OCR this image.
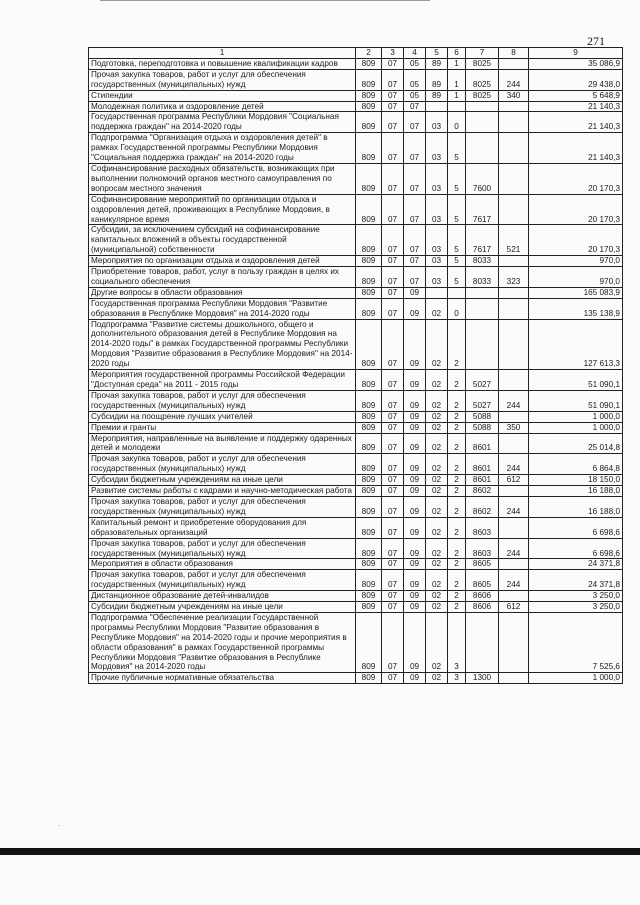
271
1	2	3	4	5	6	7	8	9
Подготовка, переподготовка и повышение квалификации кадров	809	07	05	89	1	8025		35 086,9
Прочая закупка товаров, работ и услуг для обеспечения государственных (муниципальных) нужд	809	07	05	89	1	8025	244	29 438,0
Стипендии	809	07	05	89	1	8025	340	5 648,9
Молодежная политика и оздоровление детей	809	07	07					21 140,3
Государственная программа Республики Мордовия "Социальная поддержка граждан" на 2014-2020 годы	809	07	07	03	0			21 140,3
Подпрограмма "Организация отдыха и оздоровления детей" в рамках Государственной программы Республики Мордовия "Социальная поддержка граждан" на 2014-2020 годы	809	07	07	03	5			21 140,3
Софинансирование расходных обязательств, возникающих при выполнении полномочий органов местного самоуправления по вопросам местного значения	809	07	07	03	5	7600		20 170,3
Софинансирование мероприятий по организации отдыха и оздоровления детей, проживающих в Республике Мордовия, в каникулярное время	809	07	07	03	5	7617		20 170,3
Субсидии, за исключением субсидий на софинансирование капитальных вложений в объекты государственной (муниципальной) собственности	809	07	07	03	5	7617	521	20 170,3
Мероприятия по организации отдыха и оздоровления детей	809	07	07	03	5	8033		970,0
Приобретение товаров, работ, услуг в пользу граждан в целях их социального обеспечения	809	07	07	03	5	8033	323	970,0
Другие вопросы в области образования	809	07	09					165 083,9
Государственная программа Республики Мордовия "Развитие образования в Республике Мордовия" на 2014-2020 годы	809	07	09	02	0			135 138,9
Подпрограмма "Развитие системы дошкольного, общего и дополнительного образования детей в Республике Мордовия на 2014-2020 годы" в рамках Государственной программы Республики Мордовия "Развитие образования в Республике Мордовия" на 2014-2020 годы	809	07	09	02	2			127 613,3
Мероприятия государственной программы Российской Федерации "Доступная среда" на 2011 - 2015 годы	809	07	09	02	2	5027		51 090,1
Прочая закупка товаров, работ и услуг для обеспечения государственных (муниципальных) нужд	809	07	09	02	2	5027	244	51 090,1
Субсидии на поощрение лучших учителей	809	07	09	02	2	5088		1 000,0
Премии и гранты	809	07	09	02	2	5088	350	1 000,0
Мероприятия, направленные на выявление и поддержку одаренных детей и молодежи	809	07	09	02	2	8601		25 014,8
Прочая закупка товаров, работ и услуг для обеспечения государственных (муниципальных) нужд	809	07	09	02	2	8601	244	6 864,8
Субсидии бюджетным учреждениям на иные цели	809	07	09	02	2	8601	612	18 150,0
Развитие системы работы с кадрами и научно-методическая работа	809	07	09	02	2	8602		16 188,0
Прочая закупка товаров, работ и услуг для обеспечения государственных (муниципальных) нужд	809	07	09	02	2	8602	244	16 188,0
Капитальный ремонт и приобретение оборудования для образовательных организаций	809	07	09	02	2	8603		6 698,6
Прочая закупка товаров, работ и услуг для обеспечения государственных (муниципальных) нужд	809	07	09	02	2	8603	244	6 698,6
Мероприятия в области образования	809	07	09	02	2	8605		24 371,8
Прочая закупка товаров, работ и услуг для обеспечения государственных (муниципальных) нужд	809	07	09	02	2	8605	244	24 371,8
Дистанционное образование детей-инвалидов	809	07	09	02	2	8606		3 250,0
Субсидии бюджетным учреждениям на иные цели	809	07	09	02	2	8606	612	3 250,0
Подпрограмма "Обеспечение реализации Государственной программы Республики Мордовия "Развитие образования в Республике Мордовия" на 2014-2020 годы и прочие мероприятия в области образования" в рамках Государственной программы Республики Мордовия "Развитие образования в Республике Мордовия" на 2014-2020 годы	809	07	09	02	3			7 525,6
Прочие публичные нормативные обязательства	809	07	09	02	3	1300		1 000,0
.
